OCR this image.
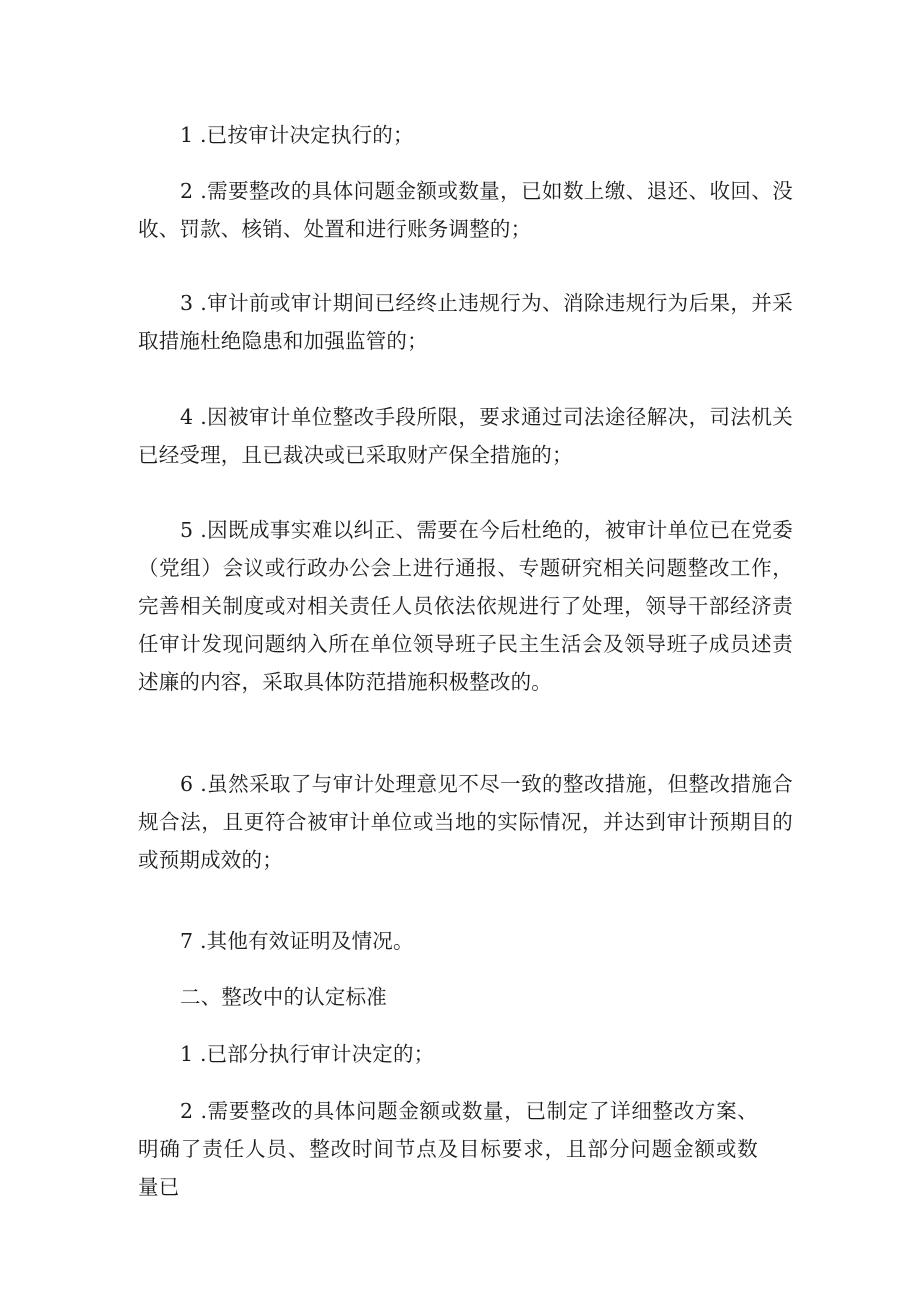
1 .已按审计决定执行的；

2 .需要整改的具体问题金额或数量，已如数上缴、退还、收回、没收、罚款、核销、处置和进行账务调整的；

3 .审计前或审计期间已经终止违规行为、消除违规行为后果，并采取措施杜绝隐患和加强监管的；

4 .因被审计单位整改手段所限，要求通过司法途径解决，司法机关已经受理，且已裁决或已采取财产保全措施的；

5 .因既成事实难以纠正、需要在今后杜绝的，被审计单位已在党委（党组）会议或行政办公会上进行通报、专题研究相关问题整改工作，完善相关制度或对相关责任人员依法依规进行了处理，领导干部经济责任审计发现问题纳入所在单位领导班子民主生活会及领导班子成员述责述廉的内容，采取具体防范措施积极整改的。

6 .虽然采取了与审计处理意见不尽一致的整改措施，但整改措施合规合法，且更符合被审计单位或当地的实际情况，并达到审计预期目的或预期成效的；

7 .其他有效证明及情况。

二、整改中的认定标准

1 .已部分执行审计决定的；

2 .需要整改的具体问题金额或数量，已制定了详细整改方案、明确了责任人员、整改时间节点及目标要求，且部分问题金额或数量已
